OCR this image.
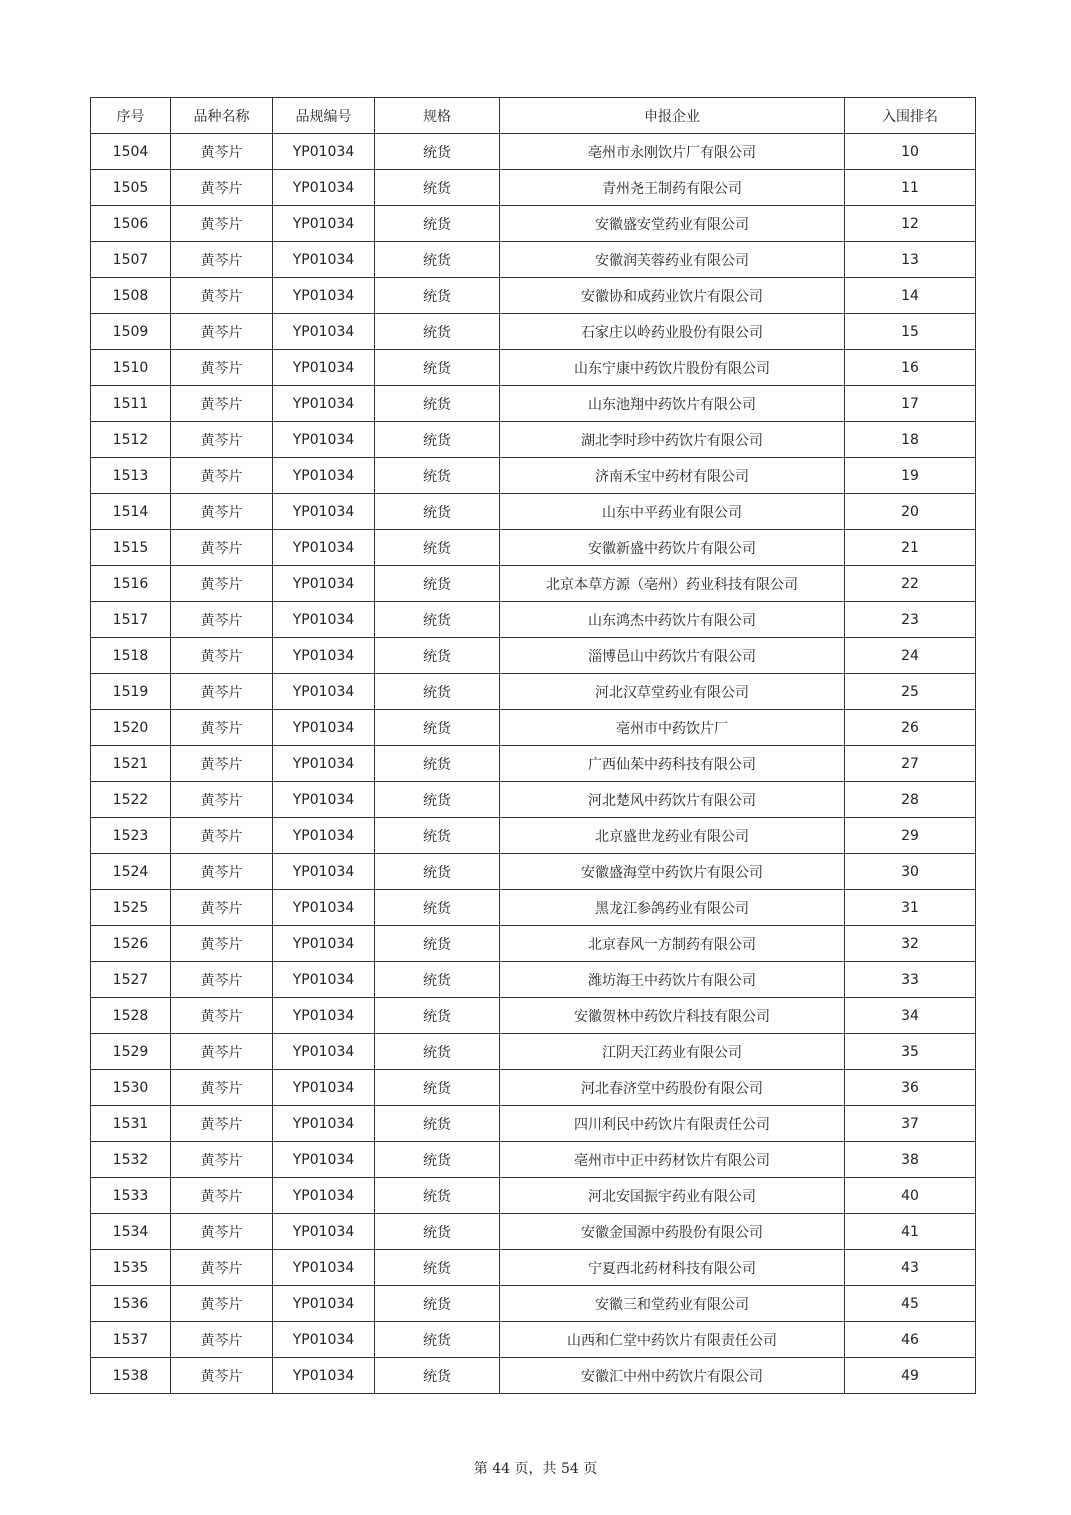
序号	品种名称	品规编号	规格	申报企业	入围排名
1504	黄芩片	YP01034	统货	亳州市永刚饮片厂有限公司	10
1505	黄芩片	YP01034	统货	青州尧王制药有限公司	11
1506	黄芩片	YP01034	统货	安徽盛安堂药业有限公司	12
1507	黄芩片	YP01034	统货	安徽润芙蓉药业有限公司	13
1508	黄芩片	YP01034	统货	安徽协和成药业饮片有限公司	14
1509	黄芩片	YP01034	统货	石家庄以岭药业股份有限公司	15
1510	黄芩片	YP01034	统货	山东宁康中药饮片股份有限公司	16
1511	黄芩片	YP01034	统货	山东池翔中药饮片有限公司	17
1512	黄芩片	YP01034	统货	湖北李时珍中药饮片有限公司	18
1513	黄芩片	YP01034	统货	济南禾宝中药材有限公司	19
1514	黄芩片	YP01034	统货	山东中平药业有限公司	20
1515	黄芩片	YP01034	统货	安徽新盛中药饮片有限公司	21
1516	黄芩片	YP01034	统货	北京本草方源（亳州）药业科技有限公司	22
1517	黄芩片	YP01034	统货	山东鸿杰中药饮片有限公司	23
1518	黄芩片	YP01034	统货	淄博邑山中药饮片有限公司	24
1519	黄芩片	YP01034	统货	河北汉草堂药业有限公司	25
1520	黄芩片	YP01034	统货	亳州市中药饮片厂	26
1521	黄芩片	YP01034	统货	广西仙茱中药科技有限公司	27
1522	黄芩片	YP01034	统货	河北楚风中药饮片有限公司	28
1523	黄芩片	YP01034	统货	北京盛世龙药业有限公司	29
1524	黄芩片	YP01034	统货	安徽盛海堂中药饮片有限公司	30
1525	黄芩片	YP01034	统货	黑龙江参鸽药业有限公司	31
1526	黄芩片	YP01034	统货	北京春风一方制药有限公司	32
1527	黄芩片	YP01034	统货	潍坊海王中药饮片有限公司	33
1528	黄芩片	YP01034	统货	安徽贺林中药饮片科技有限公司	34
1529	黄芩片	YP01034	统货	江阴天江药业有限公司	35
1530	黄芩片	YP01034	统货	河北春济堂中药股份有限公司	36
1531	黄芩片	YP01034	统货	四川利民中药饮片有限责任公司	37
1532	黄芩片	YP01034	统货	亳州市中正中药材饮片有限公司	38
1533	黄芩片	YP01034	统货	河北安国振宇药业有限公司	40
1534	黄芩片	YP01034	统货	安徽金国源中药股份有限公司	41
1535	黄芩片	YP01034	统货	宁夏西北药材科技有限公司	43
1536	黄芩片	YP01034	统货	安徽三和堂药业有限公司	45
1537	黄芩片	YP01034	统货	山西和仁堂中药饮片有限责任公司	46
1538	黄芩片	YP01034	统货	安徽汇中州中药饮片有限公司	49
第 44 页，共 54 页
